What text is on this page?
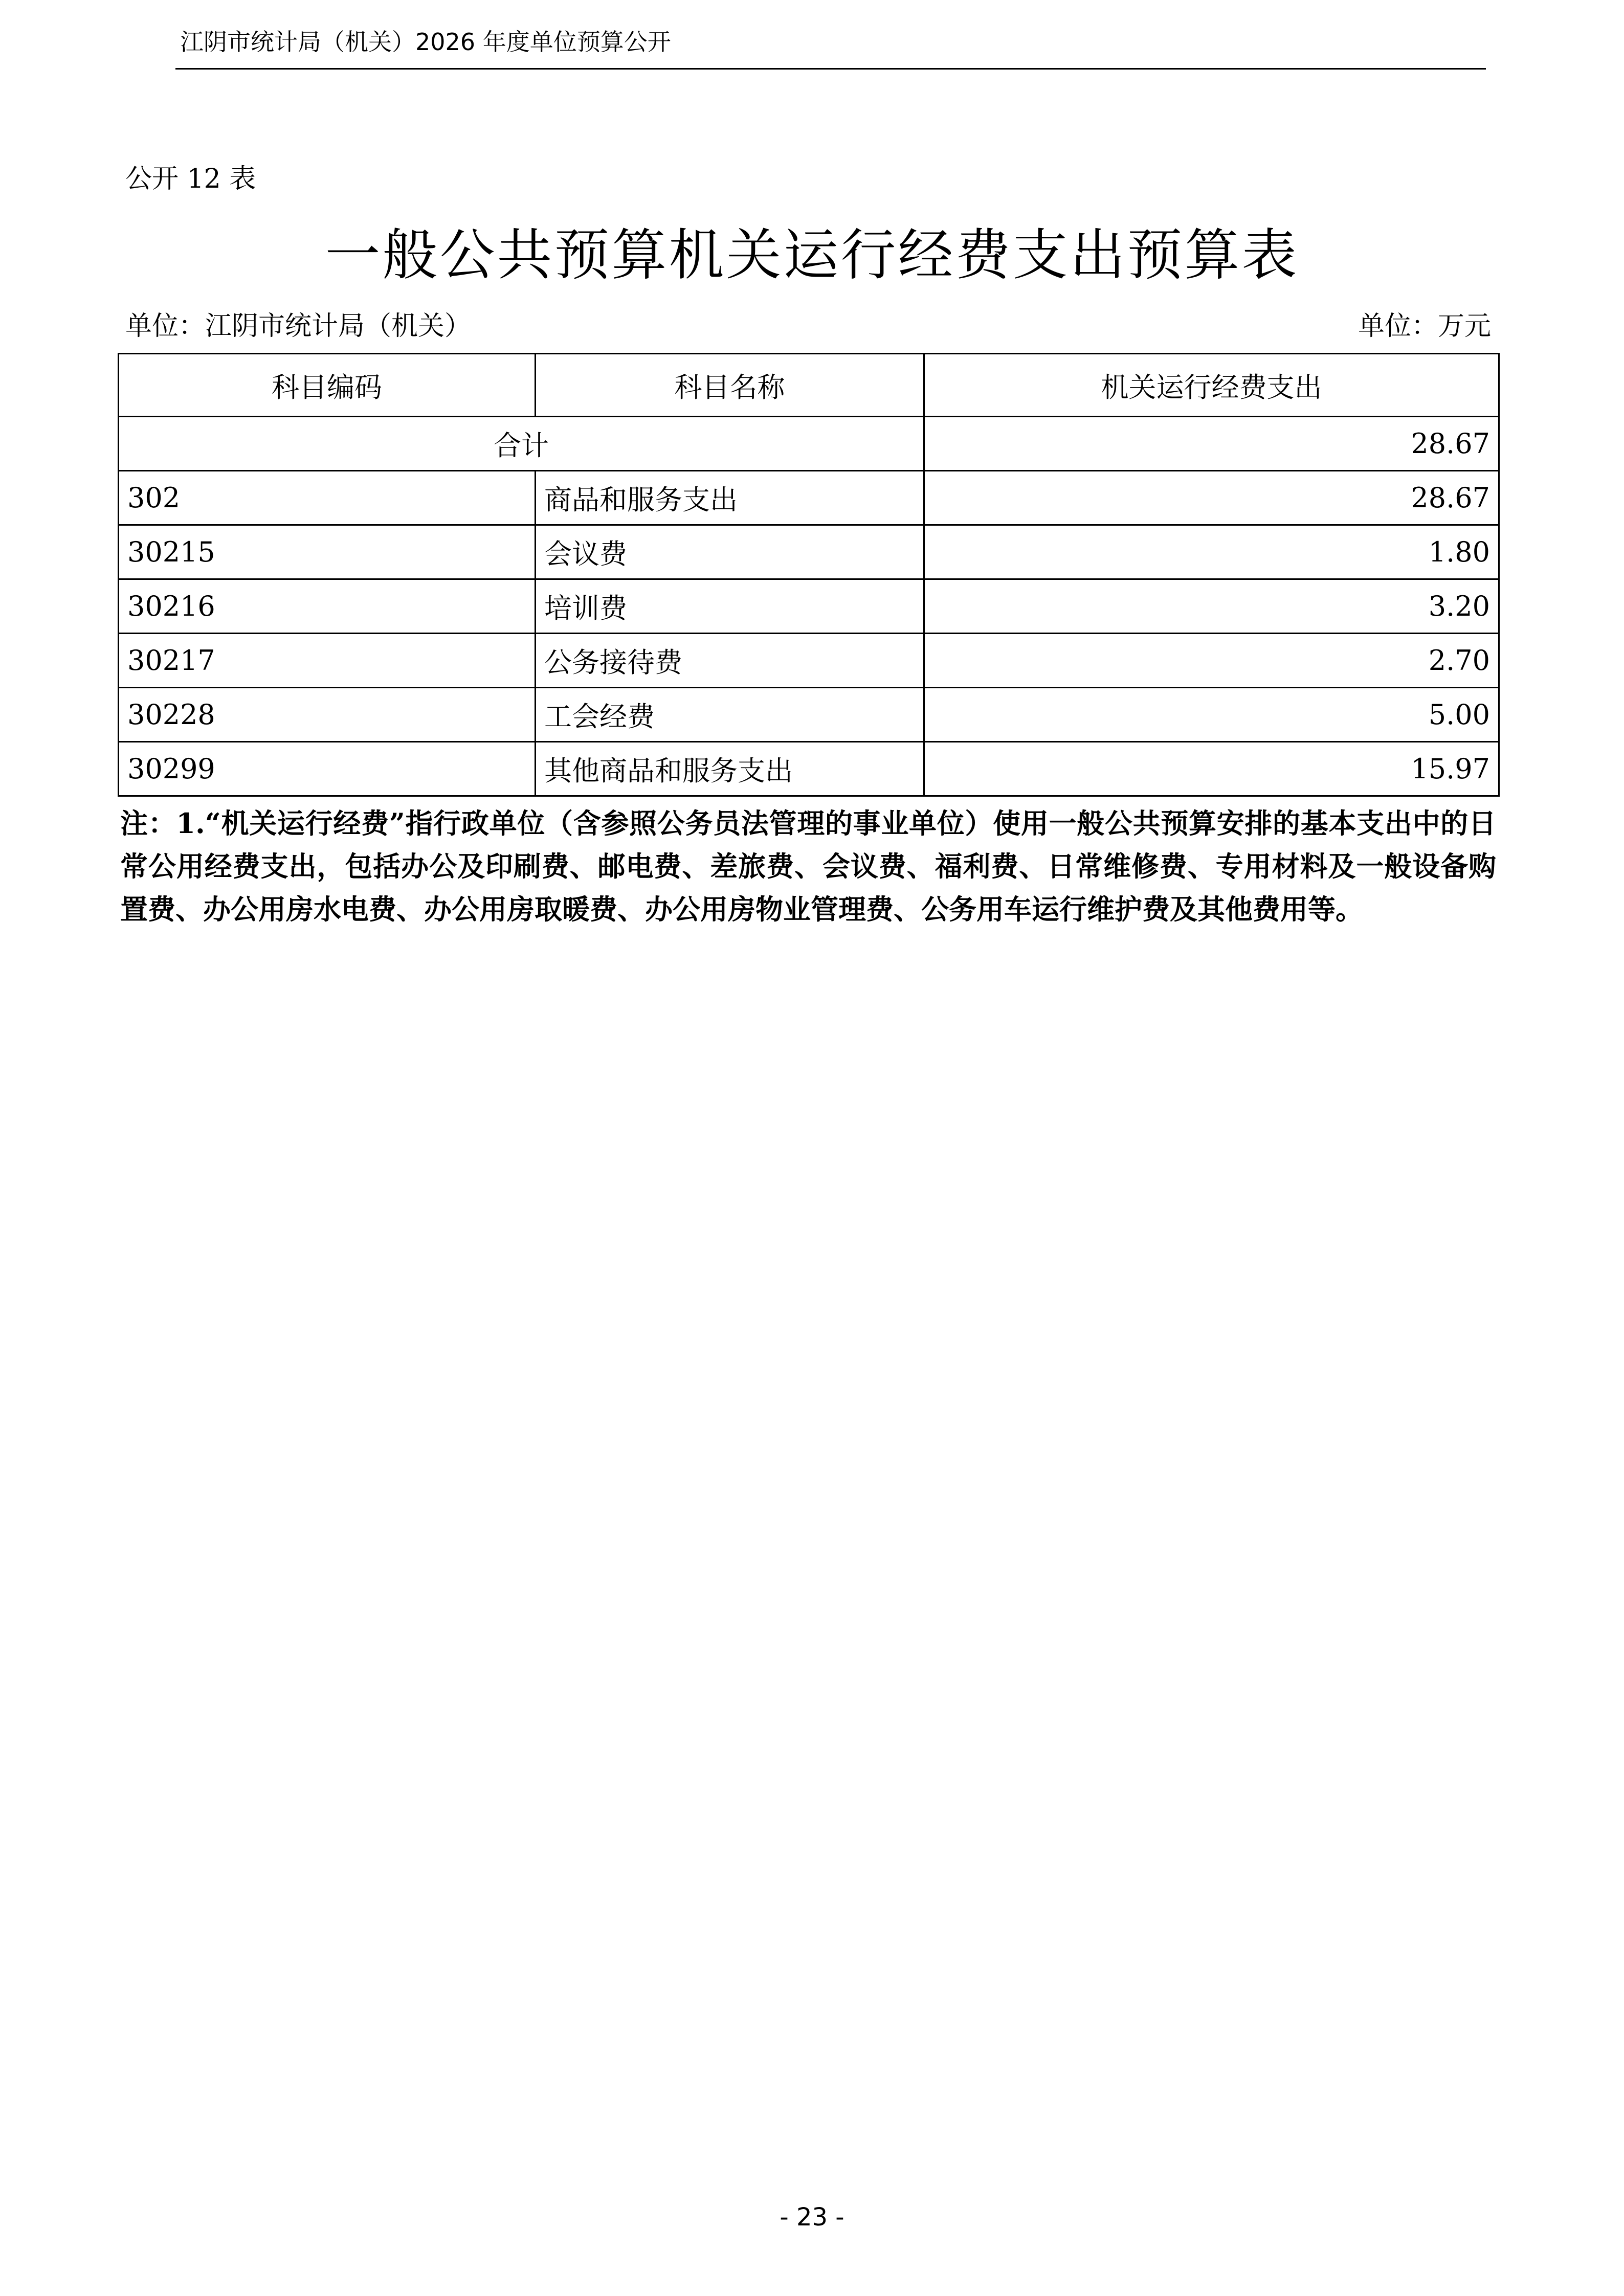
江阴市统计局（机关）2026 年度单位预算公开
公开 12 表
一般公共预算机关运行经费支出预算表
单位：江阴市统计局（机关）	单位：万元
科目编码	科目名称	机关运行经费支出
合计		28.67
302	商品和服务支出	28.67
30215	会议费	1.80
30216	培训费	3.20
30217	公务接待费	2.70
30228	工会经费	5.00
30299	其他商品和服务支出	15.97
注：1.“机关运行经费”指行政单位（含参照公务员法管理的事业单位）使用一般公共预算安排的基本支出中的日常公用经费支出，包括办公及印刷费、邮电费、差旅费、会议费、福利费、日常维修费、专用材料及一般设备购置费、办公用房水电费、办公用房取暖费、办公用房物业管理费、公务用车运行维护费及其他费用等。
- 23 -
